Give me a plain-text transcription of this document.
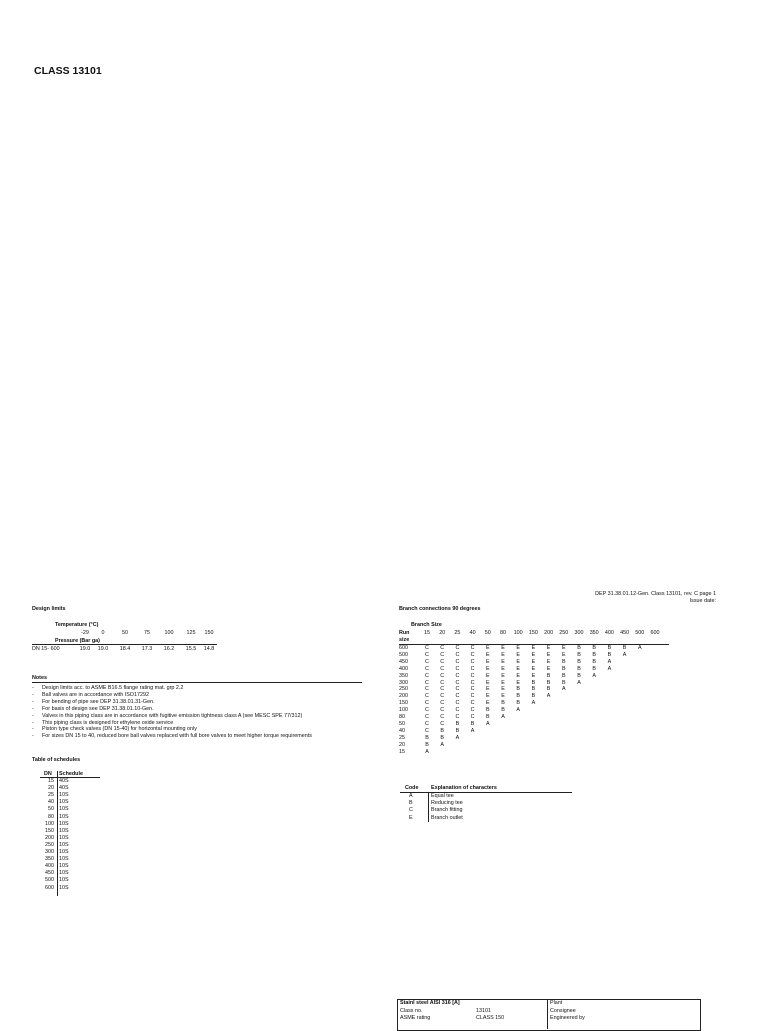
CLASS 13101
DEP 31.38.01.12-Gen. Class 13101, rev. C page 1
Issue date:
Design limits
Temperature (°C)
-29	0	50	75	100	125	150
Pressure (Bar ga)
DN 15- 600	19.0	19.0	18.4	17.3	16.2	15.5	14.8
Notes
- Design limits acc. to ASME B16.5 flange rating mat. grp 2.2
- Ball valves are in accordance with ISO17292
- For bending of pipe see DEP 31.38.01.31-Gen.
- For basis of design see DEP 31.38.01.10-Gen.
- Valves in this piping class are in accordance with fugitive emission tightness class A (see MESC SPE 77/312)
- This piping class is designed for ethylene oxide service
- Piston type check valves (DN 15-40) for horizontal mounting only
- For sizes DN 15 to 40, reduced bore ball valves replaced with full bore valves to meet higher torque requirements
Table of schedules
DN Schedule
15 40S
20 40S
25 10S
40 10S
50 10S
80 10S
100 10S
150 10S
200 10S
250 10S
300 10S
350 10S
400 10S
450 10S
500 10S
600 10S
Branch connections 90 degrees
Branch Size
Run
size
15	20	25	40	50	80	100	150	200	250	300	350	400	450	500	600
600	C	C	C	C	E	E	E	E	E	E	B	B	B	B	A
500	C	C	C	C	E	E	E	E	E	E	B	B	B	A
450	C	C	C	C	E	E	E	E	E	B	B	B	A
400	C	C	C	C	E	E	E	E	E	B	B	B	A
350	C	C	C	C	E	E	E	E	B	B	B	A
300	C	C	C	C	E	E	E	B	B	B	A
250	C	C	C	C	E	E	B	B	B	A
200	C	C	C	C	E	E	B	B	A
150	C	C	C	C	E	B	B	A
100	C	C	C	C	B	B	A
80	C	C	C	C	B	A
50	C	C	B	B	A
40	C	B	B	A
25	B	B	A
20	B	A
15	A
Code Explanation of characters
A	Equal tee
B	Reducing tee
C	Branch fitting
E	Branch outlet
Stainl steel AISI 316 [A]
Class no.	13101
ASME rating	CLASS 150
Plant
Consignee
Engineered by
